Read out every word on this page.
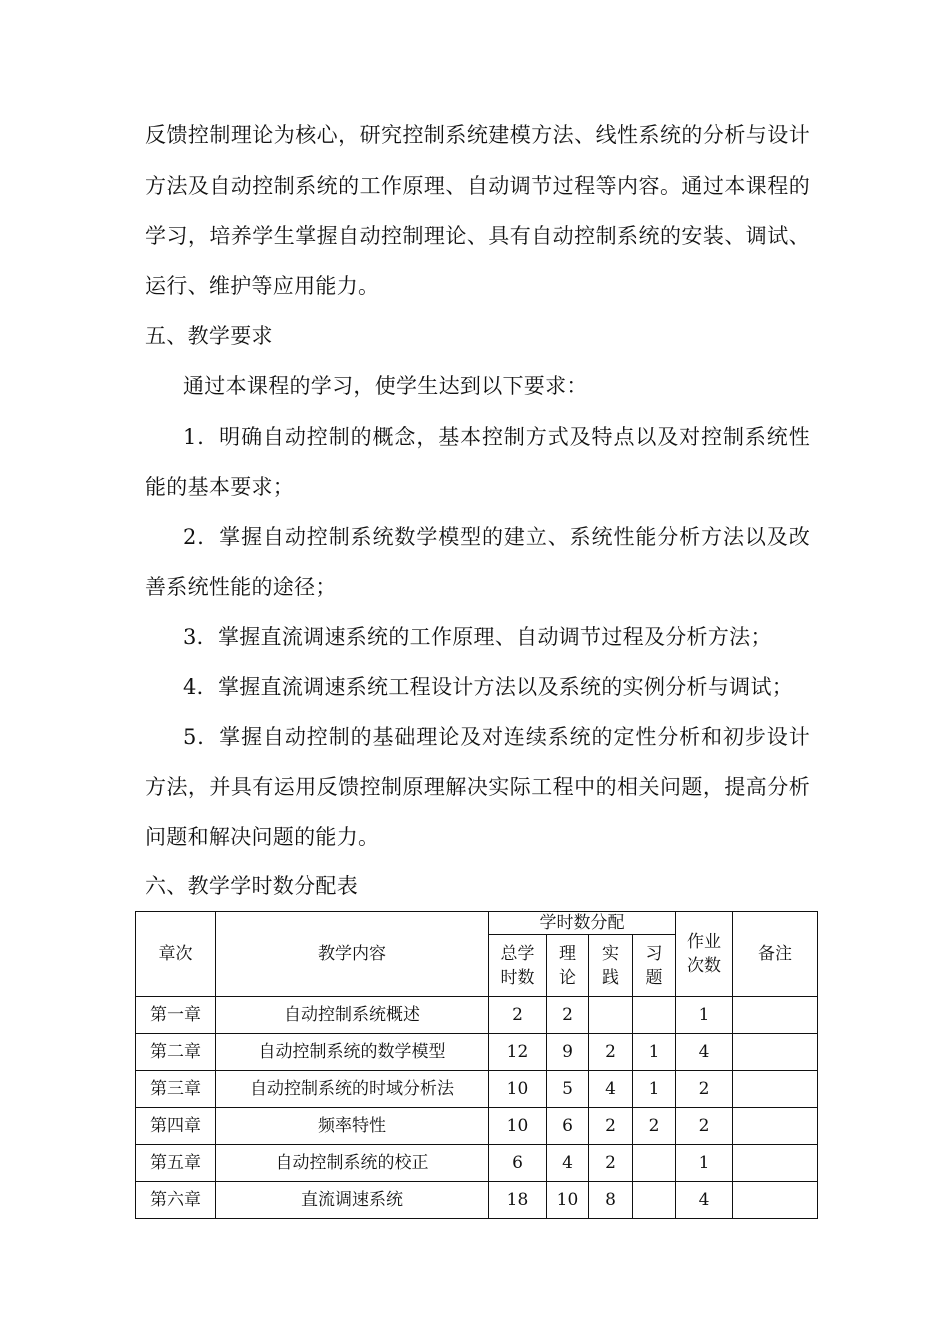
反馈控制理论为核心，研究控制系统建模方法、线性系统的分析与设计
方法及自动控制系统的工作原理、自动调节过程等内容。通过本课程的
学习，培养学生掌握自动控制理论、具有自动控制系统的安装、调试、
运行、维护等应用能力。
五、教学要求
通过本课程的学习，使学生达到以下要求：
1．明确自动控制的概念，基本控制方式及特点以及对控制系统性
能的基本要求；
2．掌握自动控制系统数学模型的建立、系统性能分析方法以及改
善系统性能的途径；
3．掌握直流调速系统的工作原理、自动调节过程及分析方法；
4．掌握直流调速系统工程设计方法以及系统的实例分析与调试；
5．掌握自动控制的基础理论及对连续系统的定性分析和初步设计
方法，并具有运用反馈控制原理解决实际工程中的相关问题，提高分析
问题和解决问题的能力。
六、教学学时数分配表
章次	教学内容	学时数分配				作业次数	备注
		总学时数	理论	实践	习题		
第一章	自动控制系统概述	2	2			1	
第二章	自动控制系统的数学模型	12	9	2	1	4	
第三章	自动控制系统的时域分析法	10	5	4	1	2	
第四章	频率特性	10	6	2	2	2	
第五章	自动控制系统的校正	6	4	2		1	
第六章	直流调速系统	18	10	8		4	
